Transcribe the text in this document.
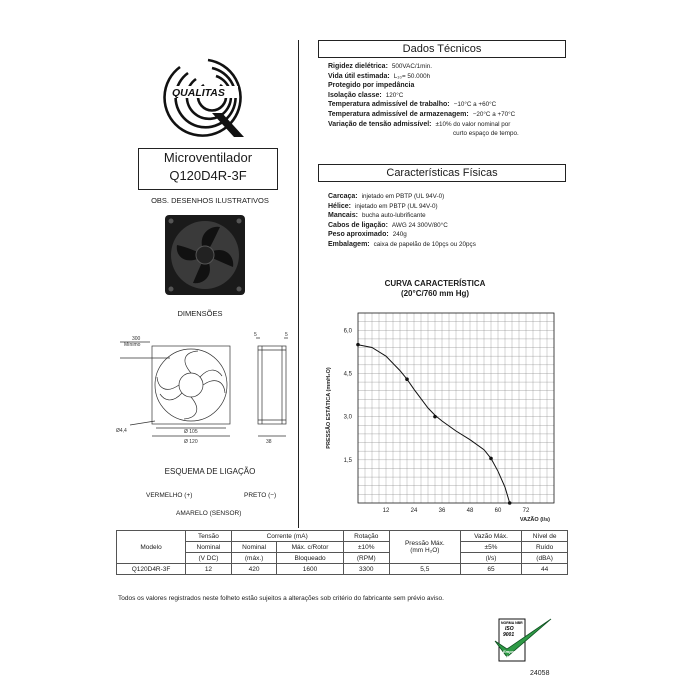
QUALITAS
Microventilador
Q120D4R-3F
OBS. DESENHOS ILUSTRATIVOS
DIMENSÕES
300
Mínimo
5	5
Ø4,4	Ø 105
Ø 120	38
ESQUEMA DE LIGAÇÃO
VERMELHO (+)	PRETO (−)
AMARELO (SENSOR)
Dados Técnicos
Rigidez dielétrica: 500VAC/1min.
Vida útil estimada: L₁₀= 50.000h
Protegido por impedância
Isolação classe: 120°C
Temperatura admissível de trabalho: −10°C a +60°C
Temperatura admissível de armazenagem: −20°C a +70°C
Variação de tensão admissível: ±10% do valor nominal por
curto espaço de tempo.
Características Físicas
Carcaça: injetado em PBTP (UL 94V-0)
Hélice: injetado em PBTP (UL 94V-0)
Mancais: bucha auto-lubrificante
Cabos de ligação: AWG 24 300V/80°C
Peso aproximado: 240g
Embalagem: caixa de papelão de 10pçs ou 20pçs
CURVA CARACTERÍSTICA
(20°C/760 mm Hg)
12	24	36	48	60	72
1,5
3,0
4,5
6,0
VAZÃO (l/s)
PRESSÃO ESTÁTICA (mmH₂O)
Modelo	Tensão	Corrente (mA)		Rotação	Pressão Máx.
(mm H₂O)	Vazão Máx.	Nível de
	Nominal	Nominal	Máx. c/Rotor	±10%		±5%	Ruído
	(V DC)	(máx.)	Bloqueado	(RPM)		(l/s)	(dBA)
Q120D4R-3F	12	420	1600	3300	5,5	65	44
Todos os valores registrados neste folheto estão sujeitos a alterações sob critério do fabricante sem prévio aviso.
NORMA NBR
ISO
9001
Empresa
Certificada
24058
